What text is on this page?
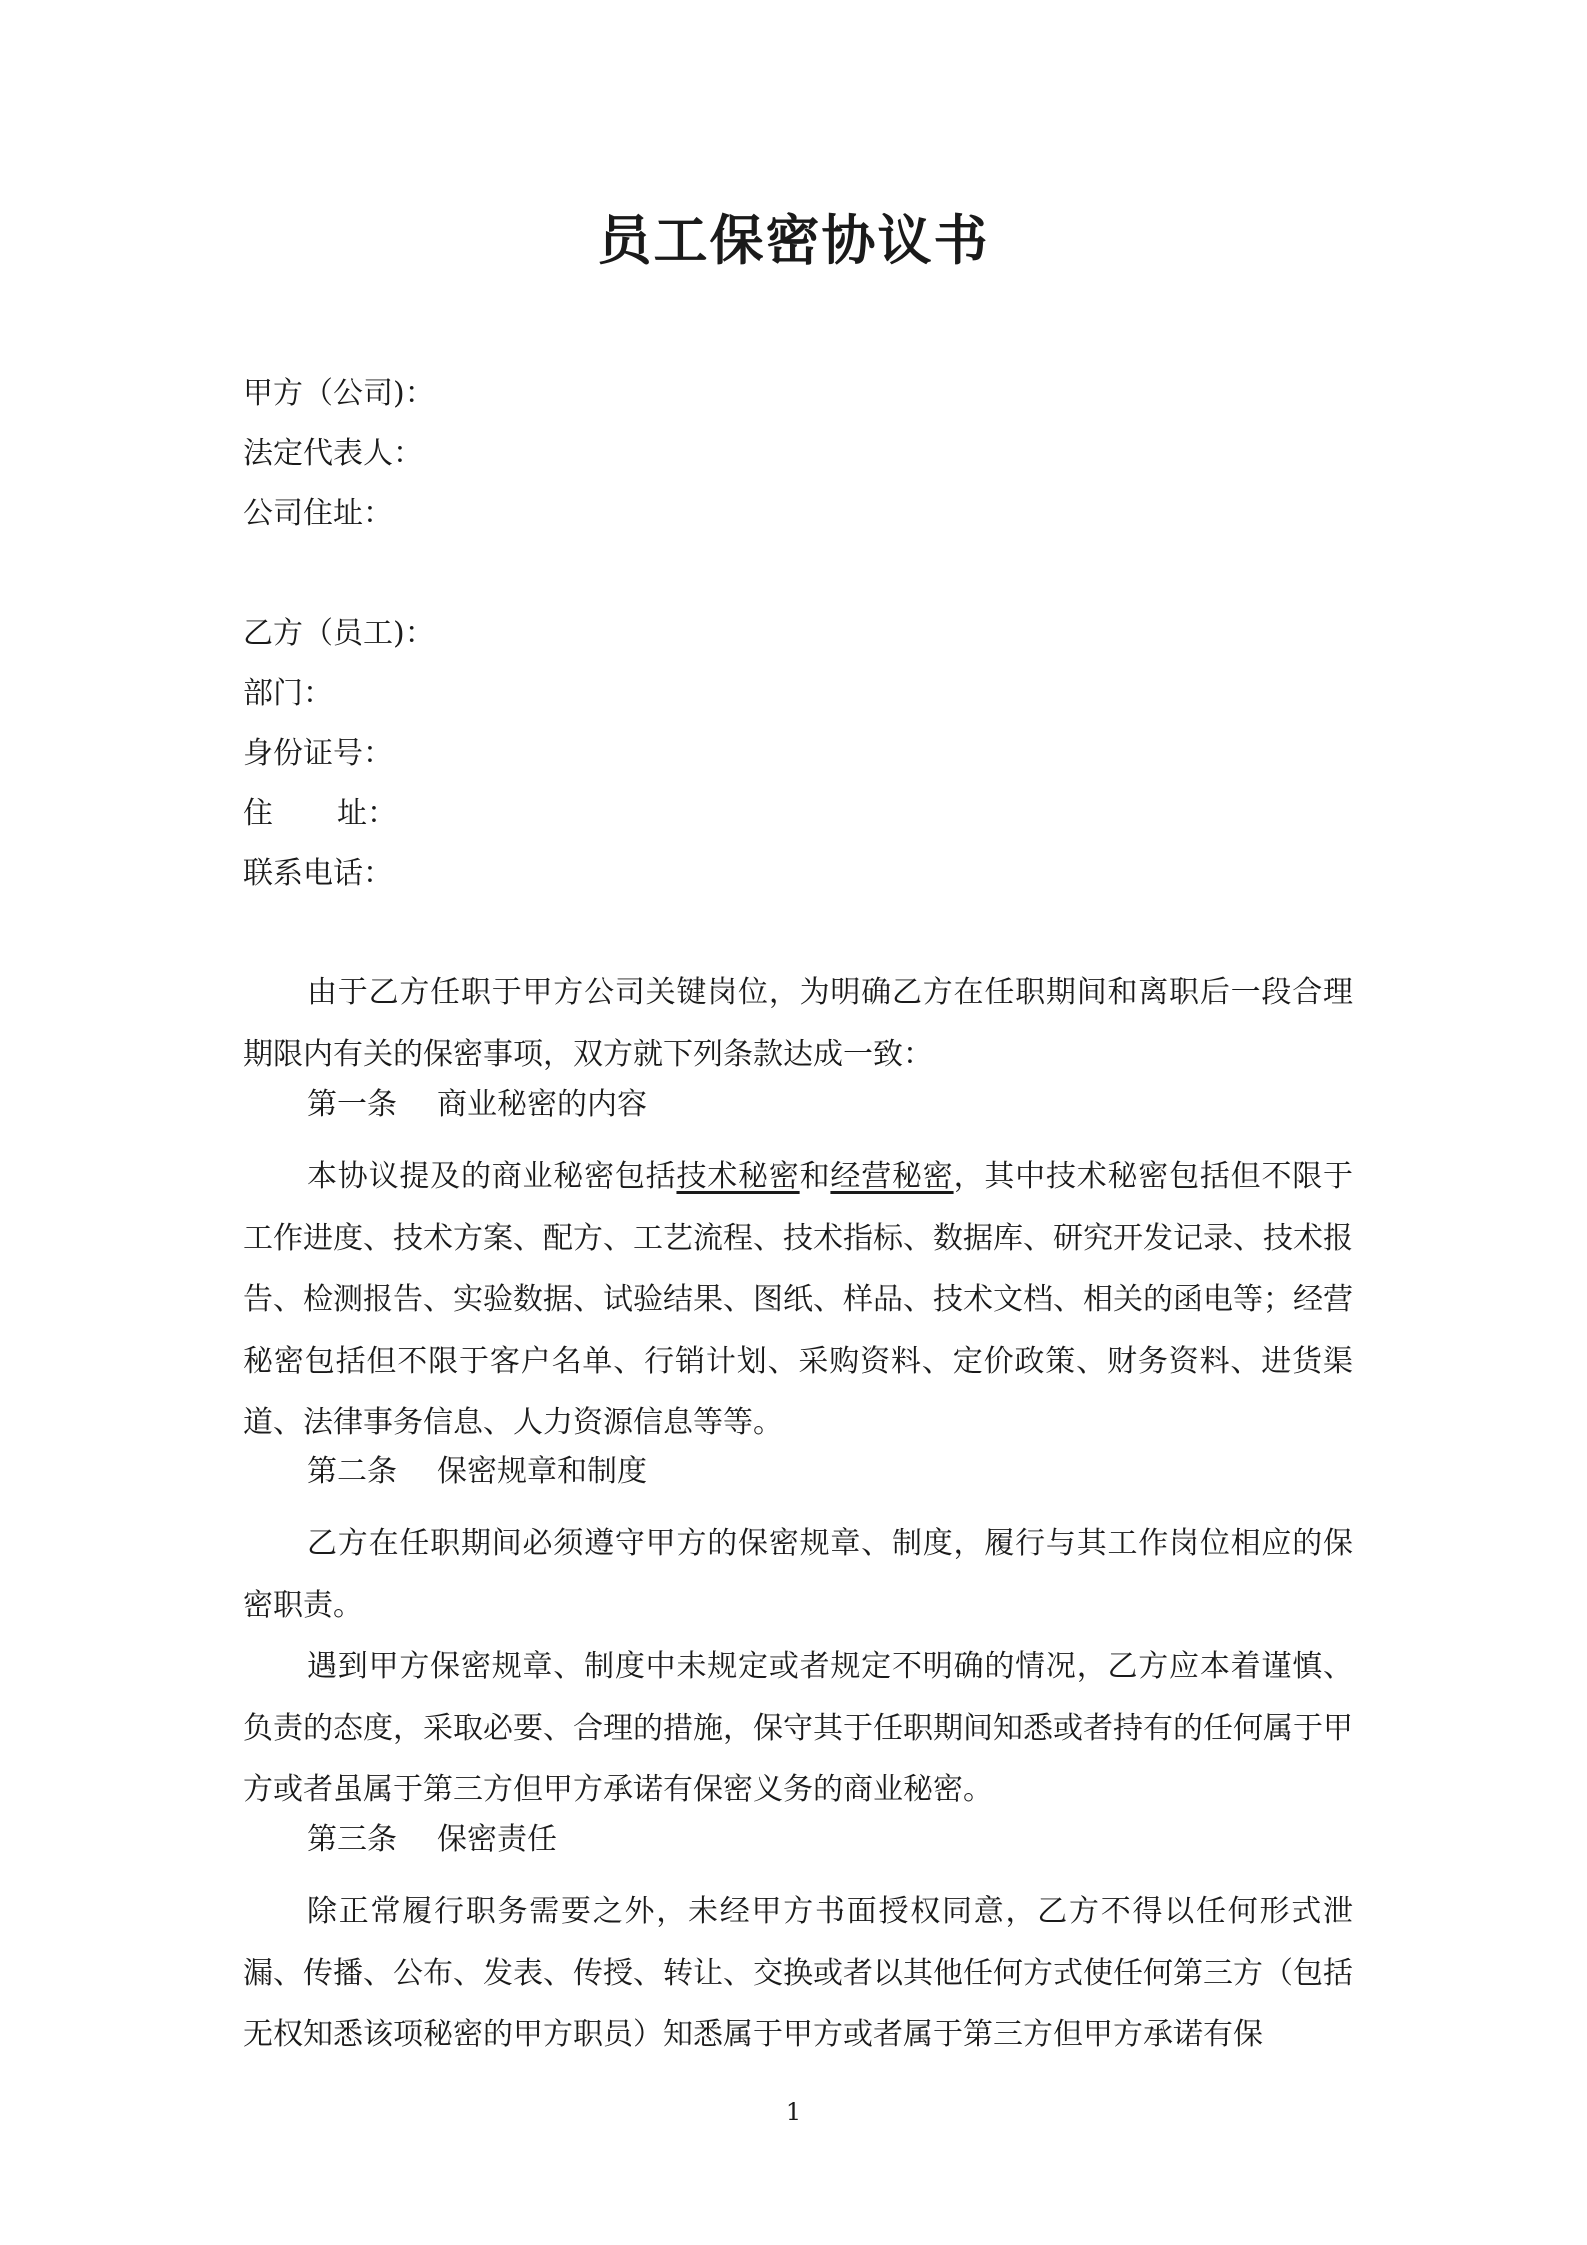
员工保密协议书
甲方（公司)：
法定代表人：
公司住址：
乙方（员工)：
部门：
身份证号：
住 址：
联系电话：
由于乙方任职于甲方公司关键岗位，为明确乙方在任职期间和离职后一段合理期限内有关的保密事项，双方就下列条款达成一致：
第一条 商业秘密的内容
本协议提及的商业秘密包括技术秘密和经营秘密，其中技术秘密包括但不限于工作进度、技术方案、配方、工艺流程、技术指标、数据库、研究开发记录、技术报告、检测报告、实验数据、试验结果、图纸、样品、技术文档、相关的函电等；经营秘密包括但不限于客户名单、行销计划、采购资料、定价政策、财务资料、进货渠道、法律事务信息、人力资源信息等等。
第二条 保密规章和制度
乙方在任职期间必须遵守甲方的保密规章、制度，履行与其工作岗位相应的保密职责。
遇到甲方保密规章、制度中未规定或者规定不明确的情况，乙方应本着谨慎、负责的态度，采取必要、合理的措施，保守其于任职期间知悉或者持有的任何属于甲方或者虽属于第三方但甲方承诺有保密义务的商业秘密。
第三条 保密责任
除正常履行职务需要之外，未经甲方书面授权同意，乙方不得以任何形式泄漏、传播、公布、发表、传授、转让、交换或者以其他任何方式使任何第三方（包括无权知悉该项秘密的甲方职员）知悉属于甲方或者属于第三方但甲方承诺有保
1
